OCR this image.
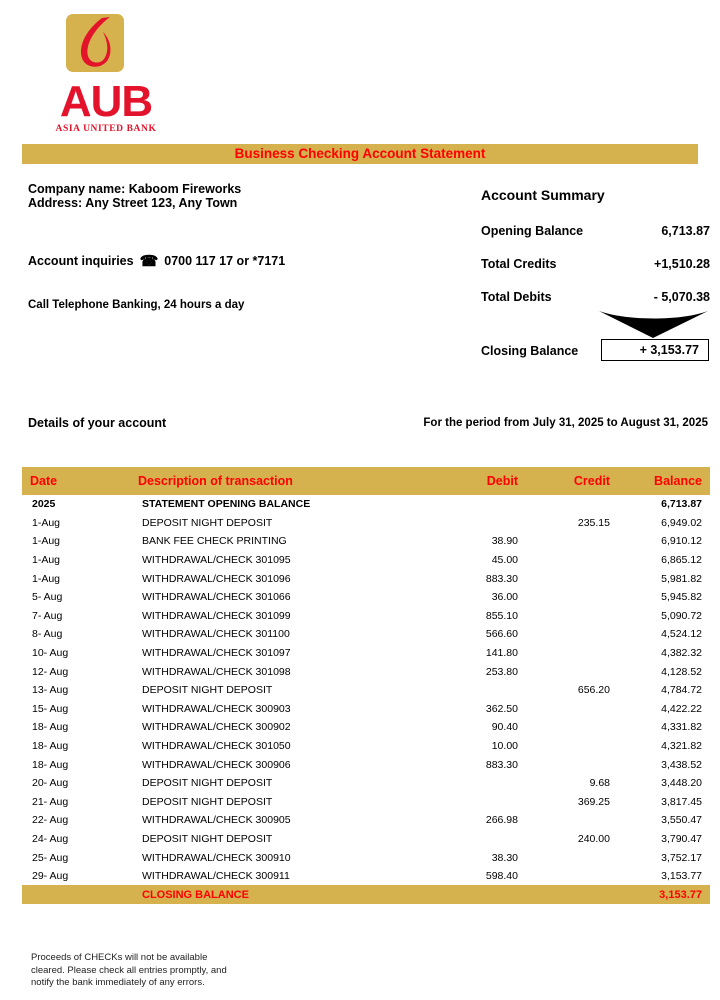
AUB
ASIA UNITED BANK
Business Checking Account Statement
Company name: Kaboom Fireworks
Address: Any Street 123, Any Town
Account inquiries ☎ 0700 117 17 or *7171
Call Telephone Banking, 24 hours a day
Account Summary
Opening Balance	6,713.87
Total Credits	+1,510.28
Total Debits	- 5,070.38
Closing Balance	+ 3,153.77
Details of your account	For the period from July 31, 2025 to August 31, 2025
Date	Description of transaction	Debit	Credit	Balance
2025	STATEMENT OPENING BALANCE			6,713.87
1-Aug	DEPOSIT NIGHT DEPOSIT		235.15	6,949.02
1-Aug	BANK FEE CHECK PRINTING	38.90		6,910.12
1-Aug	WITHDRAWAL/CHECK 301095	45.00		6,865.12
1-Aug	WITHDRAWAL/CHECK 301096	883.30		5,981.82
5- Aug	WITHDRAWAL/CHECK 301066	36.00		5,945.82
7- Aug	WITHDRAWAL/CHECK 301099	855.10		5,090.72
8- Aug	WITHDRAWAL/CHECK 301100	566.60		4,524.12
10- Aug	WITHDRAWAL/CHECK 301097	141.80		4,382.32
12- Aug	WITHDRAWAL/CHECK 301098	253.80		4,128.52
13- Aug	DEPOSIT NIGHT DEPOSIT		656.20	4,784.72
15- Aug	WITHDRAWAL/CHECK 300903	362.50		4,422.22
18- Aug	WITHDRAWAL/CHECK 300902	90.40		4,331.82
18- Aug	WITHDRAWAL/CHECK 301050	10.00		4,321.82
18- Aug	WITHDRAWAL/CHECK 300906	883.30		3,438.52
20- Aug	DEPOSIT NIGHT DEPOSIT		9.68	3,448.20
21- Aug	DEPOSIT NIGHT DEPOSIT		369.25	3,817.45
22- Aug	WITHDRAWAL/CHECK 300905	266.98		3,550.47
24- Aug	DEPOSIT NIGHT DEPOSIT		240.00	3,790.47
25- Aug	WITHDRAWAL/CHECK 300910	38.30		3,752.17
29- Aug	WITHDRAWAL/CHECK 300911	598.40		3,153.77
	CLOSING BALANCE			3,153.77
Proceeds of CHECKs will not be available
cleared. Please check all entries promptly, and
notify the bank immediately of any errors.
